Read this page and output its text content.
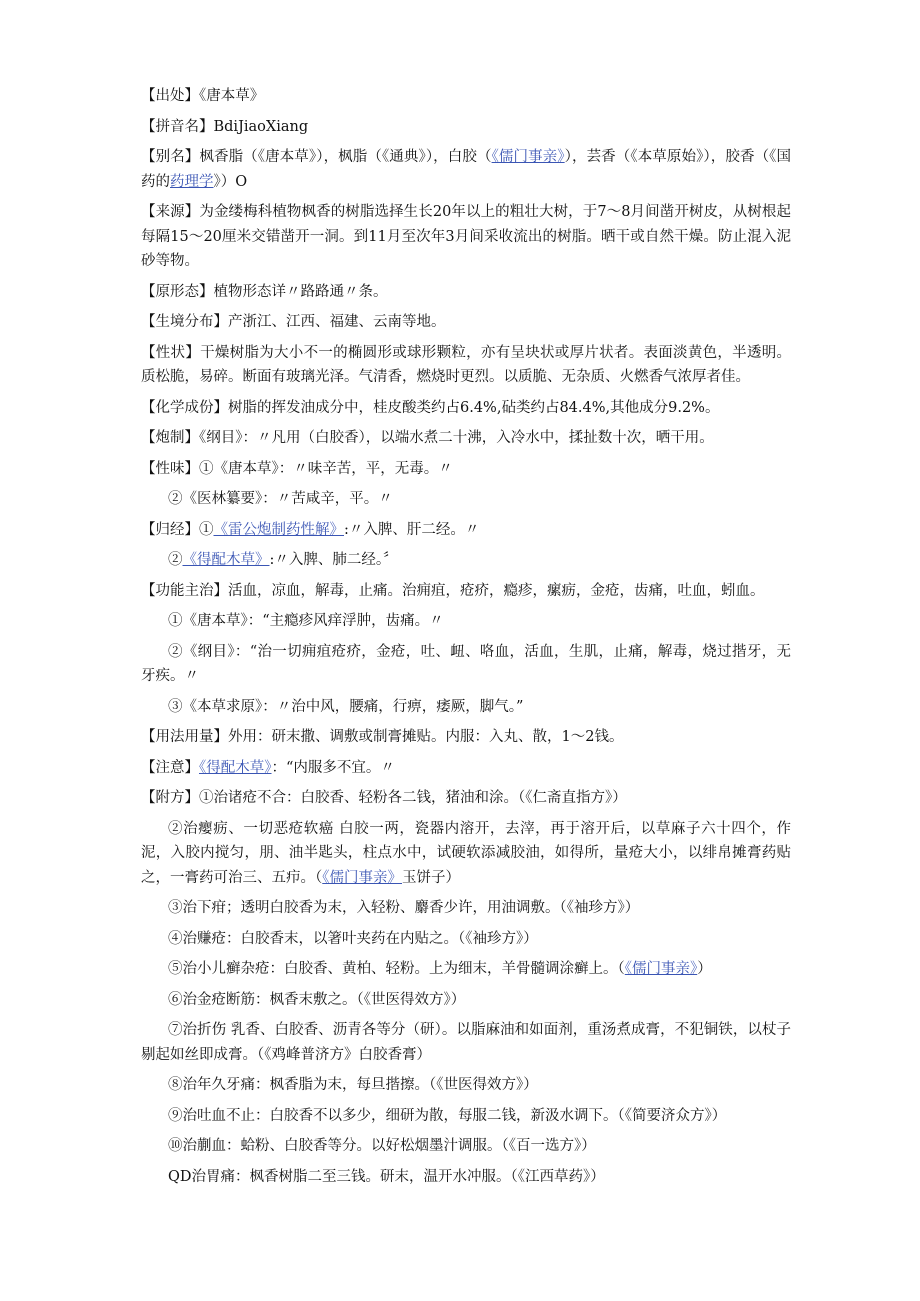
【出处】《唐本草》

【拼音名】BdiJiaoXiang

【别名】枫香脂（《唐本草》），枫脂（《通典》），白胶（《儒门事亲》），芸香（《本草原始》），胶香（《国药的药理学》）O

【来源】为金缕梅科植物枫香的树脂选择生长20年以上的粗壮大树，于7〜8月间凿开树皮，从树根起每隔15〜20厘米交错凿开一洞。到11月至次年3月间采收流出的树脂。晒干或自然干燥。防止混入泥砂等物。

【原形态】植物形态详〃路路通〃条。

【生境分布】产浙江、江西、福建、云南等地。

【性状】干燥树脂为大小不一的椭圆形或球形颗粒，亦有呈块状或厚片状者。表面淡黄色，半透明。质松脆，易碎。断面有玻璃光泽。气清香，燃烧时更烈。以质脆、无杂质、火燃香气浓厚者佳。

【化学成份】树脂的挥发油成分中，桂皮酸类约占6.4%,砧类约占84.4%,其他成分9.2%。

【炮制】《纲目》：〃凡用（白胶香），以端水煮二十沸，入冷水中，揉扯数十次，晒干用。

【性味】①《唐本草》：〃味辛苦，平，无毒。〃

②《医林纂要》：〃苦咸辛，平。〃

【归经】①《雷公炮制药性解》:〃入脾、肝二经。〃

②《得配木草》:〃入脾、肺二经。〞

【功能主治】活血，凉血，解毒，止痛。治痈疽，疮疥，瘾疹，瘰疬，金疮，齿痛，吐血，蚓血。

①《唐本草》：“主瘾疹风痒浮肿，齿痛。〃

②《纲目》：“治一切痈疽疮疥，金疮，吐、衄、咯血，活血，生肌，止痛，解毒，烧过揩牙，无牙疾。〃

③《本草求原》：〃治中风，腰痛，行痹，痿厥，脚气。”

【用法用量】外用：研末撒、调敷或制膏摊贴。内服：入丸、散，1〜2钱。

【注意】《得配木草》：“内服多不宜。〃

【附方】①治诸疮不合：白胶香、轻粉各二钱，猪油和涂。（《仁斋直指方》）

②治瘿疬、一切恶疮软癌 白胶一两，瓷器内溶开，去滓，再于溶开后，以草麻子六十四个，作泥，入胶内搅匀，朋、油半匙头，柱点水中，试硬软添减胶油，如得所，量疮大小，以绯帛摊膏药贴之，一膏药可治三、五疖。（《儒门事亲》玉饼子）

③治下疳；透明白胶香为末，入轻粉、麝香少许，用油调敷。（《袖珍方》）

④治赚疮：白胶香末，以箸叶夹药在内贴之。（《袖珍方》）

⑤治小儿癣杂疮：白胶香、黄柏、轻粉。上为细末，羊骨髓调涂癣上。（《儒门事亲》）

⑥治金疮断筋：枫香末敷之。（《世医得效方》）

⑦治折伤 乳香、白胶香、沥青各等分（研）。以脂麻油和如面剂，重汤煮成膏，不犯铜铁，以杖子剔起如丝即成膏。（《鸡峰普济方》白胶香膏）

⑧治年久牙痛：枫香脂为末，每旦揩擦。（《世医得效方》）

⑨治吐血不止：白胶香不以多少，细研为散，每服二钱，新汲水调下。（《简要济众方》）

⑩治蒯血：蛤粉、白胶香等分。以好松烟墨汁调服。（《百一选方》）

QD治胃痛：枫香树脂二至三钱。研末，温开水冲服。（《江西草药》）
